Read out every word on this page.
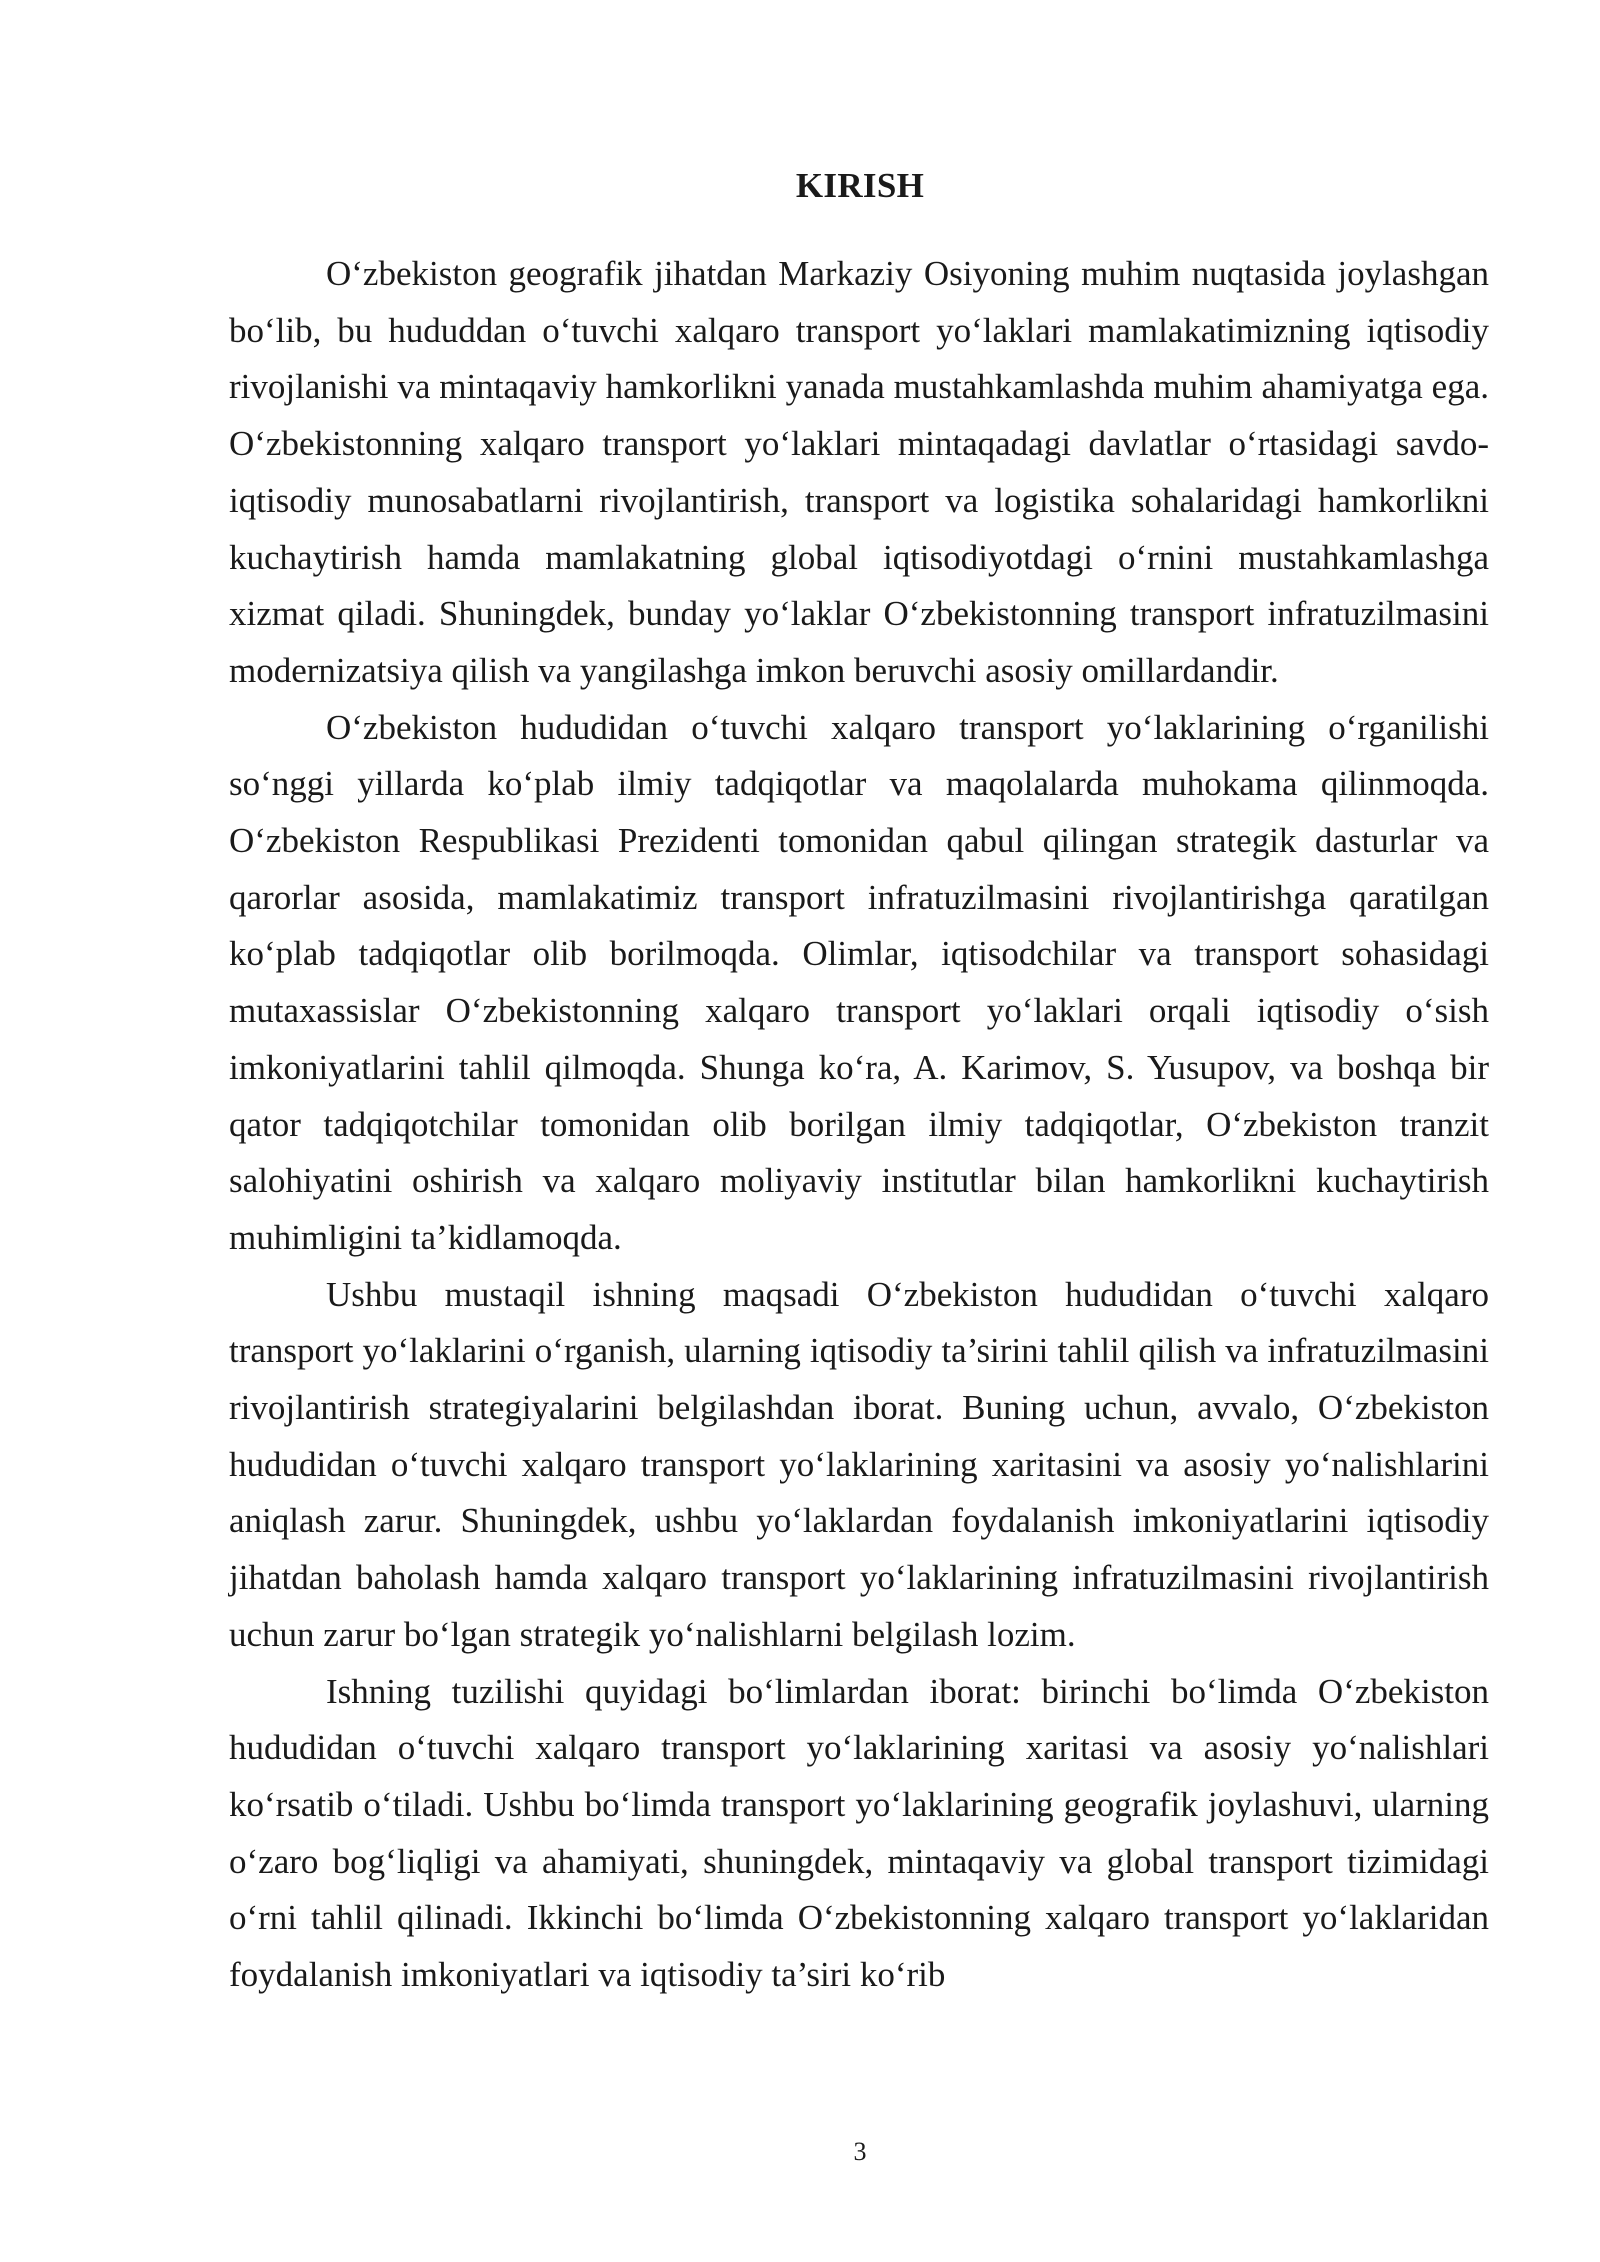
KIRISH

O‘zbekiston geografik jihatdan Markaziy Osiyoning muhim nuqtasida joylashgan bo‘lib, bu hududdan o‘tuvchi xalqaro transport yo‘laklari mamlakatimizning iqtisodiy rivojlanishi va mintaqaviy hamkorlikni yanada mustahkamlashda muhim ahamiyatga ega. O‘zbekistonning xalqaro transport yo‘laklari mintaqadagi davlatlar o‘rtasidagi savdo-iqtisodiy munosabatlarni rivojlantirish, transport va logistika sohalaridagi hamkorlikni kuchaytirish hamda mamlakatning global iqtisodiyotdagi o‘rnini mustahkamlashga xizmat qiladi. Shuningdek, bunday yo‘laklar O‘zbekistonning transport infratuzilmasini modernizatsiya qilish va yangilashga imkon beruvchi asosiy omillardandir.

O‘zbekiston hududidan o‘tuvchi xalqaro transport yo‘laklarining o‘rganilishi so‘nggi yillarda ko‘plab ilmiy tadqiqotlar va maqolalarda muhokama qilinmoqda. O‘zbekiston Respublikasi Prezidenti tomonidan qabul qilingan strategik dasturlar va qarorlar asosida, mamlakatimiz transport infratuzilmasini rivojlantirishga qaratilgan ko‘plab tadqiqotlar olib borilmoqda. Olimlar, iqtisodchilar va transport sohasidagi mutaxassislar O‘zbekistonning xalqaro transport yo‘laklari orqali iqtisodiy o‘sish imkoniyatlarini tahlil qilmoqda. Shunga ko‘ra, A. Karimov, S. Yusupov, va boshqa bir qator tadqiqotchilar tomonidan olib borilgan ilmiy tadqiqotlar, O‘zbekiston tranzit salohiyatini oshirish va xalqaro moliyaviy institutlar bilan hamkorlikni kuchaytirish muhimligini ta’kidlamoqda.

Ushbu mustaqil ishning maqsadi O‘zbekiston hududidan o‘tuvchi xalqaro transport yo‘laklarini o‘rganish, ularning iqtisodiy ta’sirini tahlil qilish va infratuzilmasini rivojlantirish strategiyalarini belgilashdan iborat. Buning uchun, avvalo, O‘zbekiston hududidan o‘tuvchi xalqaro transport yo‘laklarining xaritasini va asosiy yo‘nalishlarini aniqlash zarur. Shuningdek, ushbu yo‘laklardan foydalanish imkoniyatlarini iqtisodiy jihatdan baholash hamda xalqaro transport yo‘laklarining infratuzilmasini rivojlantirish uchun zarur bo‘lgan strategik yo‘nalishlarni belgilash lozim.

Ishning tuzilishi quyidagi bo‘limlardan iborat: birinchi bo‘limda O‘zbekiston hududidan o‘tuvchi xalqaro transport yo‘laklarining xaritasi va asosiy yo‘nalishlari ko‘rsatib o‘tiladi. Ushbu bo‘limda transport yo‘laklarining geografik joylashuvi, ularning o‘zaro bog‘liqligi va ahamiyati, shuningdek, mintaqaviy va global transport tizimidagi o‘rni tahlil qilinadi. Ikkinchi bo‘limda O‘zbekistonning xalqaro transport yo‘laklaridan foydalanish imkoniyatlari va iqtisodiy ta’siri ko‘rib

3
